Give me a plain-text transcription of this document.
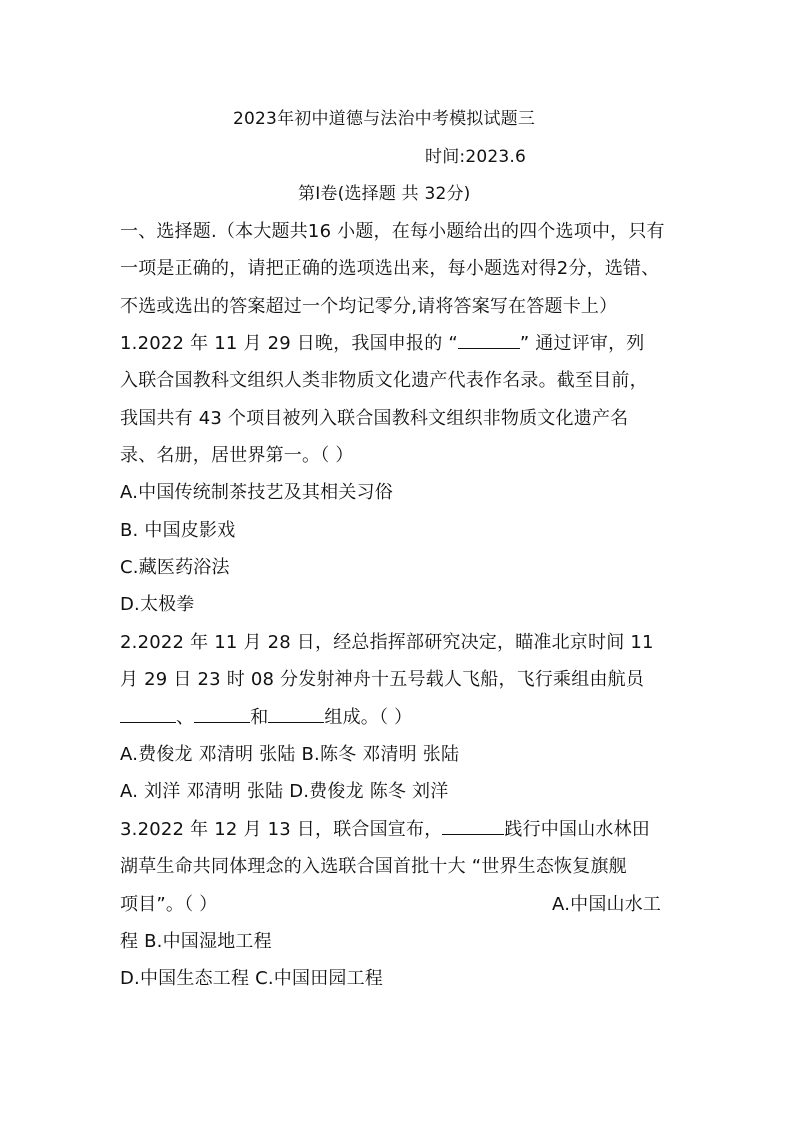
2023年初中道德与法治中考模拟试题三
时间:2023.6
第Ⅰ卷(选择题 共 32分)
一、选择题.（本大题共16 小题，在每小题给出的四个选项中，只有
一项是正确的，请把正确的选项选出来，每小题选对得2分，选错、
不选或选出的答案超过一个均记零分,请将答案写在答题卡上）
1.2022 年 11 月 29 日晚，我国申报的 “	” 通过评审，列
入联合国教科文组织人类非物质文化遗产代表作名录。截至目前，
我国共有 43 个项目被列入联合国教科文组织非物质文化遗产名
录、名册，居世界第一。（ ）
A.中国传统制茶技艺及其相关习俗
B. 中国皮影戏
C.藏医药浴法
D.太极拳
2.2022 年 11 月 28 日，经总指挥部研究决定，瞄准北京时间 11
月 29 日 23 时 08 分发射神舟十五号载人飞船，飞行乘组由航员
、	和	组成。（ ）
A.费俊龙 邓清明 张陆 B.陈冬 邓清明 张陆
A. 刘洋 邓清明 张陆 D.费俊龙 陈冬 刘洋
3.2022 年 12 月 13 日，联合国宣布，	践行中国山水林田
湖草生命共同体理念的入选联合国首批十大 “世界生态恢复旗舰
项目”。（ ）	A.中国山水工
程 B.中国湿地工程
D.中国生态工程 C.中国田园工程
